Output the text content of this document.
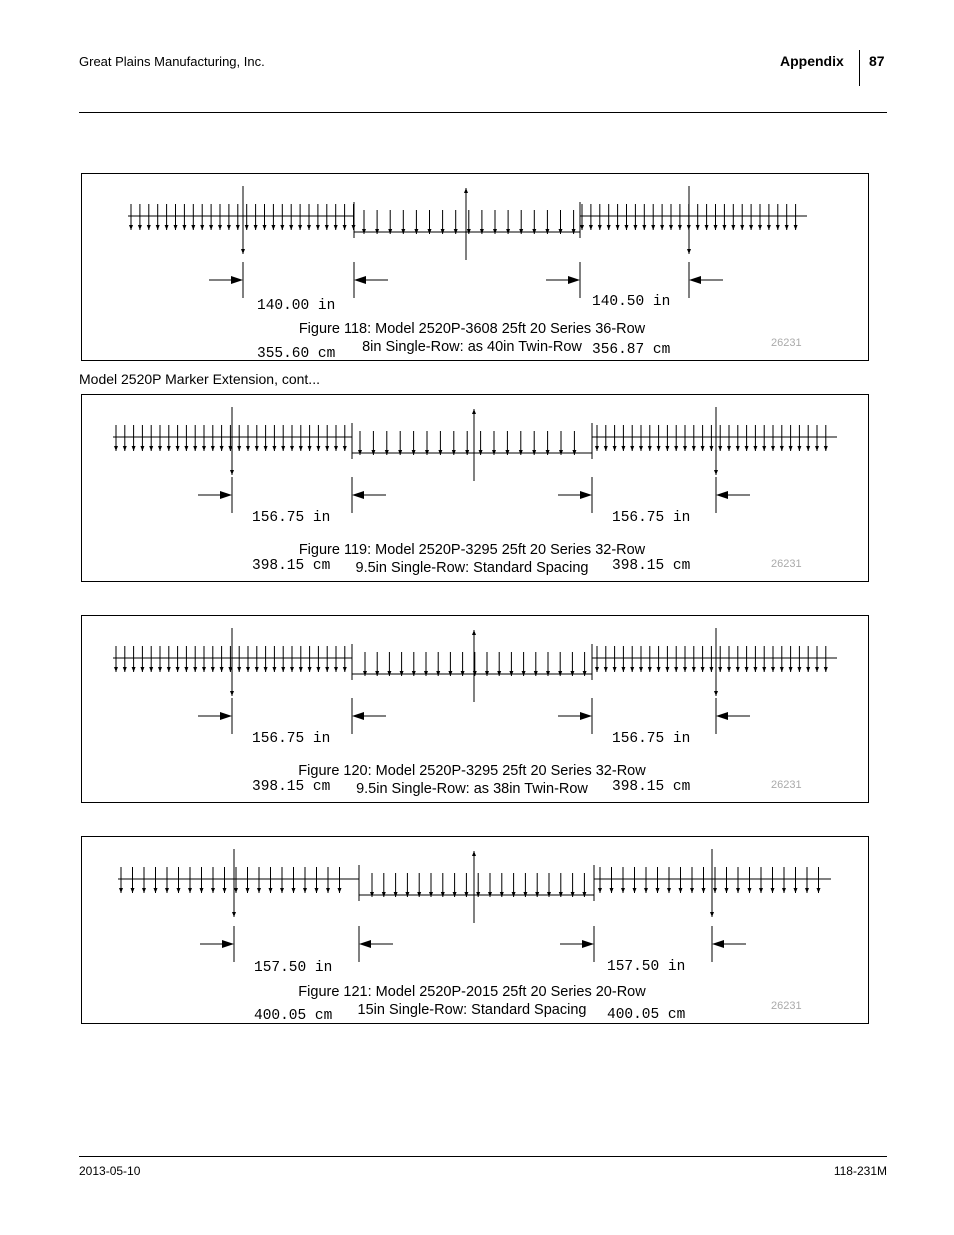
Great Plains Manufacturing, Inc.	Appendix 87

140.00 in

355.60 cm

140.50 in

356.87 cm

Figure 118: Model 2520P-3608 25ft 20 Series 36-Row
8in Single-Row: as 40in Twin-Row	26231
Model 2520P Marker Extension, cont...

156.75 in

398.15 cm

156.75 in

398.15 cm

Figure 119: Model 2520P-3295 25ft 20 Series 32-Row
9.5in Single-Row: Standard Spacing	26231

156.75 in

398.15 cm

156.75 in

398.15 cm

Figure 120: Model 2520P-3295 25ft 20 Series 32-Row
9.5in Single-Row: as 38in Twin-Row	26231

157.50 in

400.05 cm

157.50 in

400.05 cm

Figure 121: Model 2520P-2015 25ft 20 Series 20-Row
15in Single-Row: Standard Spacing	26231
2013-05-10	118-231M
